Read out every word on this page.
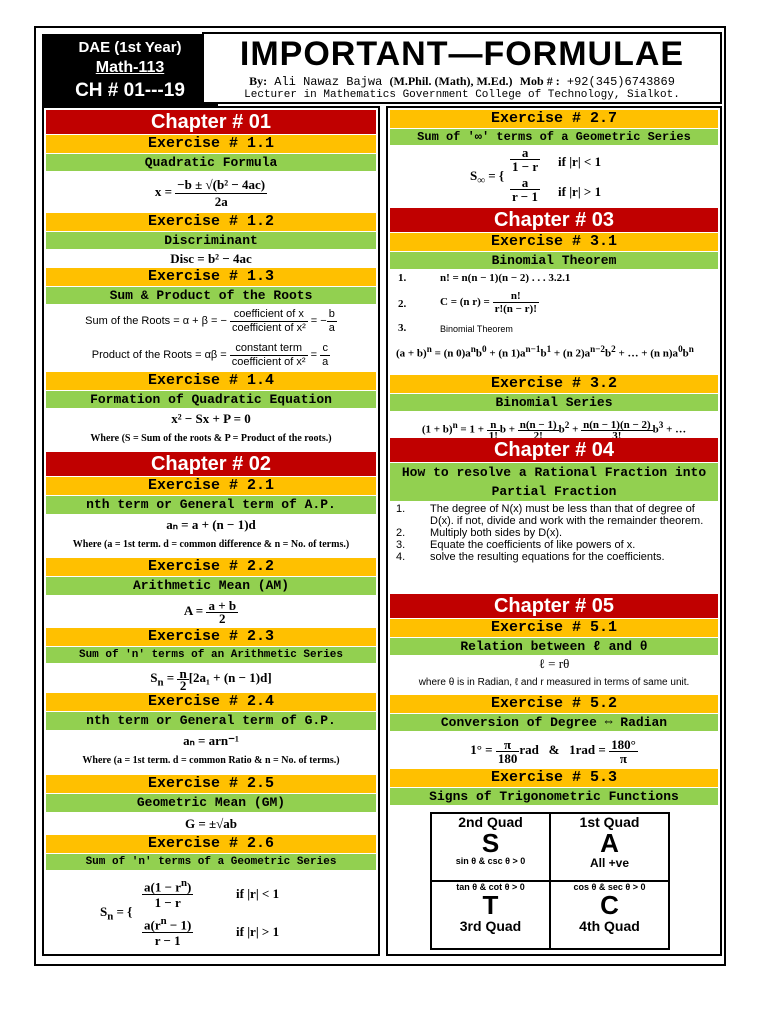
DAE (1st Year)
Math-113
CH # 01---19
IMPORTANT—FORMULAE
By: Ali Nawaz Bajwa (M.Phil. (Math), M.Ed.) Mob # : +92(345)6743869
Lecturer in Mathematics Government College of Technology, Sialkot.
Chapter # 01
Exercise # 1.1
Quadratic Formula
$x = \frac{\text{−b ± √(b² − 4ac)}}{2a}$
Exercise # 1.2
Discriminant
Disc = b² − 4ac
Exercise # 1.3
Sum & Product of the Roots
Sum of the Roots = α + β = − $\frac{\text{coefficient of x}}{\text{coefficient of x²}}$ = − $\frac{b}{a}$
Product of the Roots = $\alpha\beta = \frac{\text{constant term}}{\text{coefficient of x²}} = \frac{c}{a}$
Exercise # 1.4
Formation of Quadratic Equation
x² − Sx + P = 0
Where (S = Sum of the roots & P = Product of the roots.)
Chapter # 02
Exercise # 2.1
nth term or General term of A.P.
aₙ = a + (n − 1)d
Where (a = 1st term. d = common difference & n = No. of terms.)
Exercise # 2.2
Arithmetic Mean (AM)
$A = \frac{a + b}{2}$
Exercise # 2.3
Sum of 'n' terms of an Arithmetic Series
$S_n = \frac{n}{2} [2a_1 + (n - 1)d]$
Exercise # 2.4
nth term or General term of G.P.
aₙ = arn⁻¹
Where (a = 1st term. d = common Ratio & n = No. of terms.)
Exercise # 2.5
Geometric Mean (GM)
G = ±√ab
Exercise # 2.6
Sum of 'n' terms of a Geometric Series
$S_n$ = {
$\frac{a(1 - r^n)}{1 - r}$
$\frac{a(r^n - 1)}{r - 1}$
if |r| < 1
if |r| > 1
Exercise # 2.7
Sum of '∞' terms of a Geometric Series
$S_\infty$ = {
$\frac{a}{1 - r}$
$\frac{a}{r - 1}$
if |r| < 1
if |r| > 1
Chapter # 03
Exercise # 3.1
Binomial Theorem
1.	n! = n(n − 1)(n − 2) . . . 3.2.1
2.	C = (n $r) = \frac{n!}{r!(n - r)!}$
3.	Binomial Theorem
$(a + b)^n = (n$ $0)a^nb^0 + (n$ $1)a^{n-1}b^1 + (n$ $2)a^{n-2}b^2$ + … + (n $n)a^0b^n$
Exercise # 3.2
Binomial Series
$(1 + b)^n = 1 + \frac{n}{1!}$ $b + \frac{n(n - 1)}{2!} b^2 + \frac{n(n - 1)(n - 2)}{3!} b^3$ + …
Chapter # 04
How to resolve a Rational Fraction into Partial Fraction
1.	The degree of N(x) must be less than that of degree of D(x). if not, divide and work with the remainder theorem.
2.	Multiply both sides by D(x).
3.	Equate the coefficients of like powers of x.
4.	solve the resulting equations for the coefficients.
Chapter # 05
Exercise # 5.1
Relation between ℓ and θ
ℓ = rθ
where θ is in Radian, ℓ and r measured in terms of same unit.
Exercise # 5.2
Conversion of Degree ⇔ Radian
$1^\circ = \frac{\pi}{180}$ rad   &   $1rad = \frac{180^\circ}{\pi}$
Exercise # 5.3
Signs of Trigonometric Functions
2nd Quad
S
sin θ & csc θ > 0
1st Quad
A
All +ve
tan θ & cot θ > 0
T
3rd Quad
cos θ & sec θ > 0
C
4th Quad
